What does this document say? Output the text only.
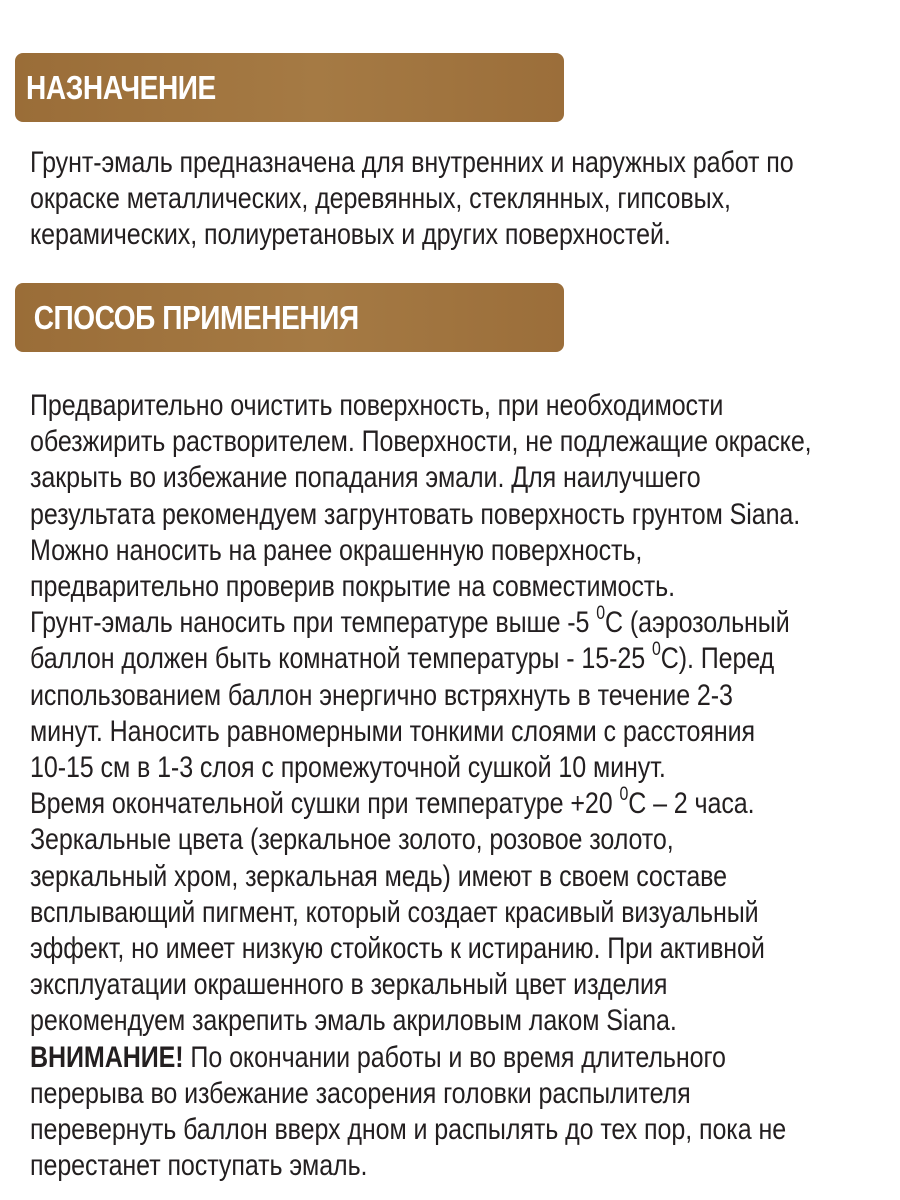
НАЗНАЧЕНИЕ
Грунт-эмаль предназначена для внутренних и наружных работ по
окраске металлических, деревянных, стеклянных, гипсовых,
керамических, полиуретановых и других поверхностей.
СПОСОБ ПРИМЕНЕНИЯ
Предварительно очистить поверхность, при необходимости
обезжирить растворителем. Поверхности, не подлежащие окраске,
закрыть во избежание попадания эмали. Для наилучшего
результата рекомендуем загрунтовать поверхность грунтом Siana.
Можно наносить на ранее окрашенную поверхность,
предварительно проверив покрытие на совместимость.
Грунт-эмаль наносить при температуре выше -5 $^0$С (аэрозольный
баллон должен быть комнатной температуры - 15-25 $^0$С). Перед
использованием баллон энергично встряхнуть в течение 2-3
минут. Наносить равномерными тонкими слоями с расстояния
10-15 см в 1-3 слоя с промежуточной сушкой 10 минут.
Время окончательной сушки при температуре +20 $^0$С – 2 часа.
Зеркальные цвета (зеркальное золото, розовое золото,
зеркальный хром, зеркальная медь) имеют в своем составе
всплывающий пигмент, который создает красивый визуальный
эффект, но имеет низкую стойкость к истиранию. При активной
эксплуатации окрашенного в зеркальный цвет изделия
рекомендуем закрепить эмаль акриловым лаком Siana.
ВНИМАНИЕ! По окончании работы и во время длительного
перерыва во избежание засорения головки распылителя
перевернуть баллон вверх дном и распылять до тех пор, пока не
перестанет поступать эмаль.
